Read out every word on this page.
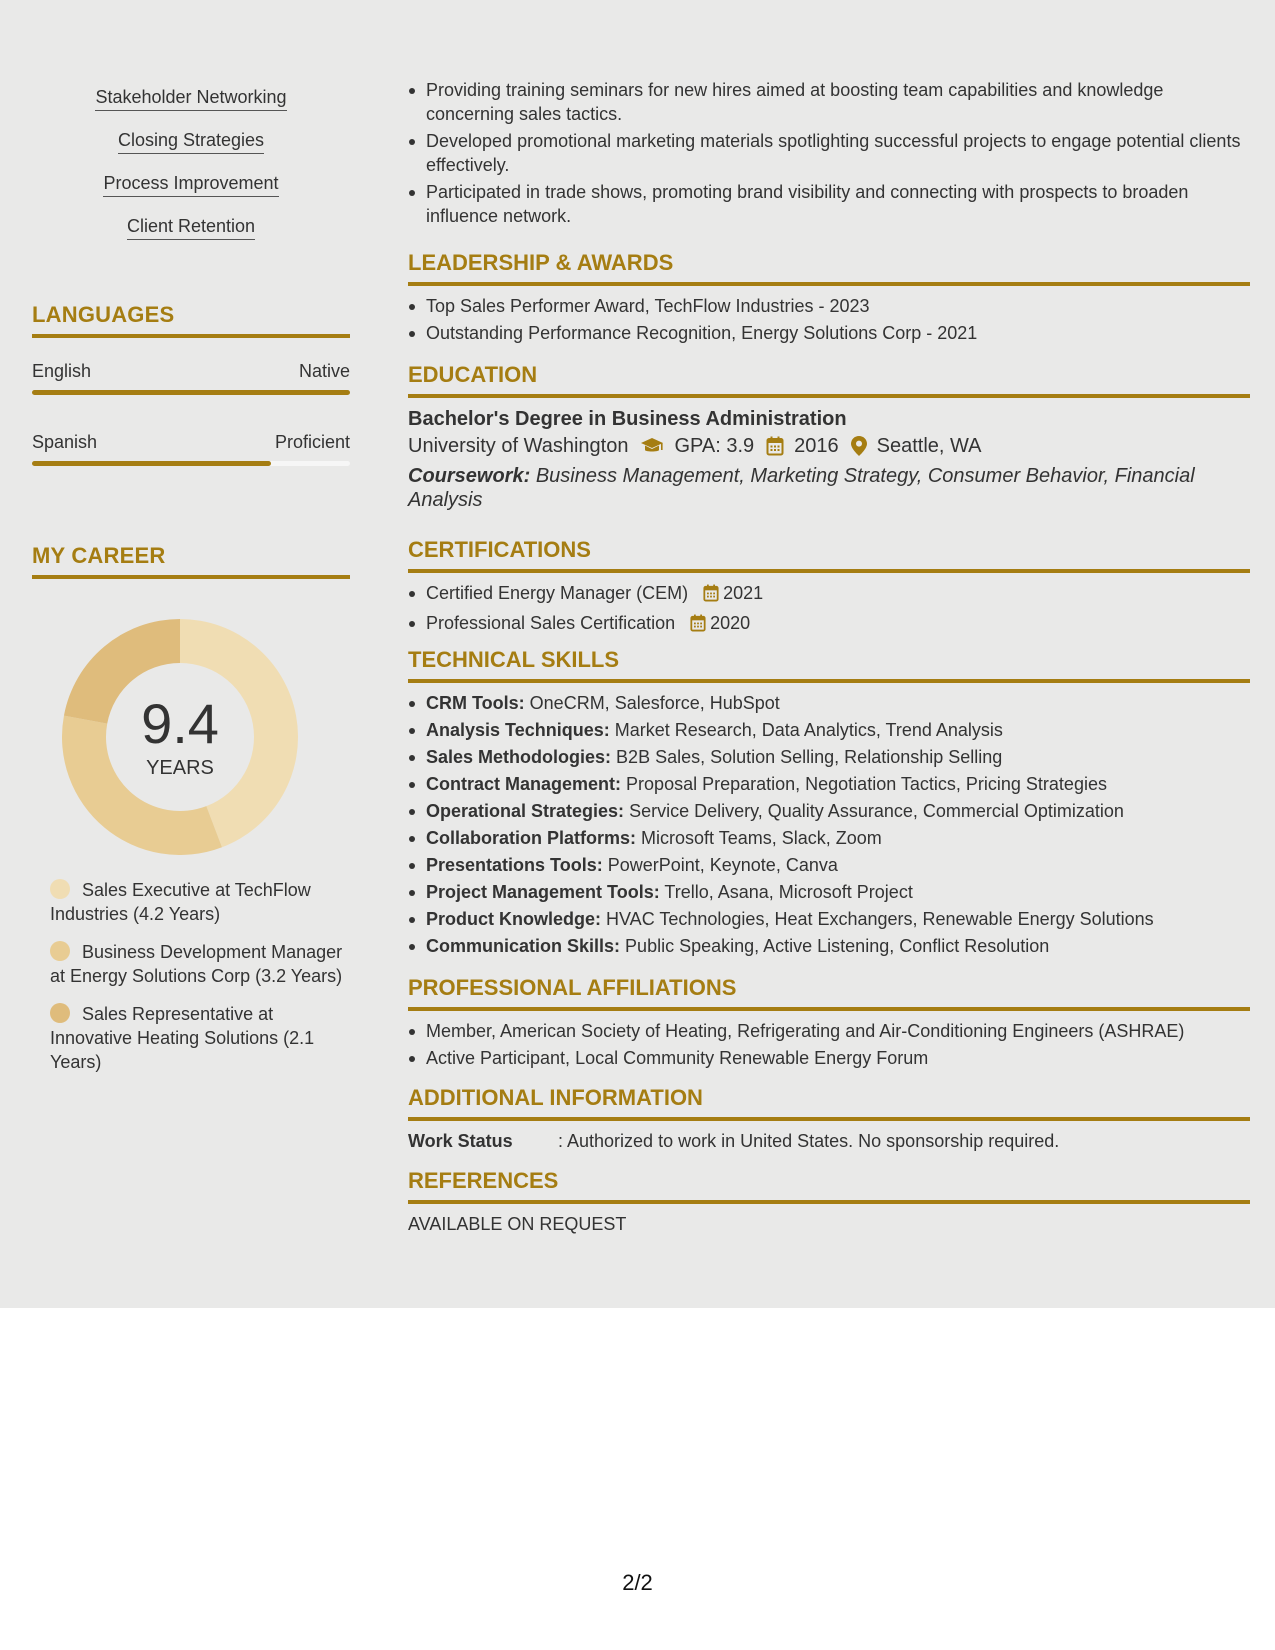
Stakeholder Networking
Closing Strategies
Process Improvement
Client Retention
LANGUAGES
English	Native
Spanish	Proficient
MY CAREER
9.4
YEARS
Sales Executive at TechFlow Industries (4.2 Years)
Business Development Manager at Energy Solutions Corp (3.2 Years)
Sales Representative at Innovative Heating Solutions (2.1 Years)
Providing training seminars for new hires aimed at boosting team capabilities and knowledge concerning sales tactics.
Developed promotional marketing materials spotlighting successful projects to engage potential clients effectively.
Participated in trade shows, promoting brand visibility and connecting with prospects to broaden influence network.
LEADERSHIP & AWARDS
Top Sales Performer Award, TechFlow Industries - 2023
Outstanding Performance Recognition, Energy Solutions Corp - 2021
EDUCATION
Bachelor's Degree in Business Administration
University of Washington GPA: 3.9 2016 Seattle, WA
Coursework: Business Management, Marketing Strategy, Consumer Behavior, Financial Analysis
CERTIFICATIONS
Certified Energy Manager (CEM) 2021
Professional Sales Certification 2020
TECHNICAL SKILLS
CRM Tools: OneCRM, Salesforce, HubSpot
Analysis Techniques: Market Research, Data Analytics, Trend Analysis
Sales Methodologies: B2B Sales, Solution Selling, Relationship Selling
Contract Management: Proposal Preparation, Negotiation Tactics, Pricing Strategies
Operational Strategies: Service Delivery, Quality Assurance, Commercial Optimization
Collaboration Platforms: Microsoft Teams, Slack, Zoom
Presentations Tools: PowerPoint, Keynote, Canva
Project Management Tools: Trello, Asana, Microsoft Project
Product Knowledge: HVAC Technologies, Heat Exchangers, Renewable Energy Solutions
Communication Skills: Public Speaking, Active Listening, Conflict Resolution
PROFESSIONAL AFFILIATIONS
Member, American Society of Heating, Refrigerating and Air-Conditioning Engineers (ASHRAE)
Active Participant, Local Community Renewable Energy Forum
ADDITIONAL INFORMATION
Work Status	: Authorized to work in United States. No sponsorship required.
REFERENCES
AVAILABLE ON REQUEST
2/2
